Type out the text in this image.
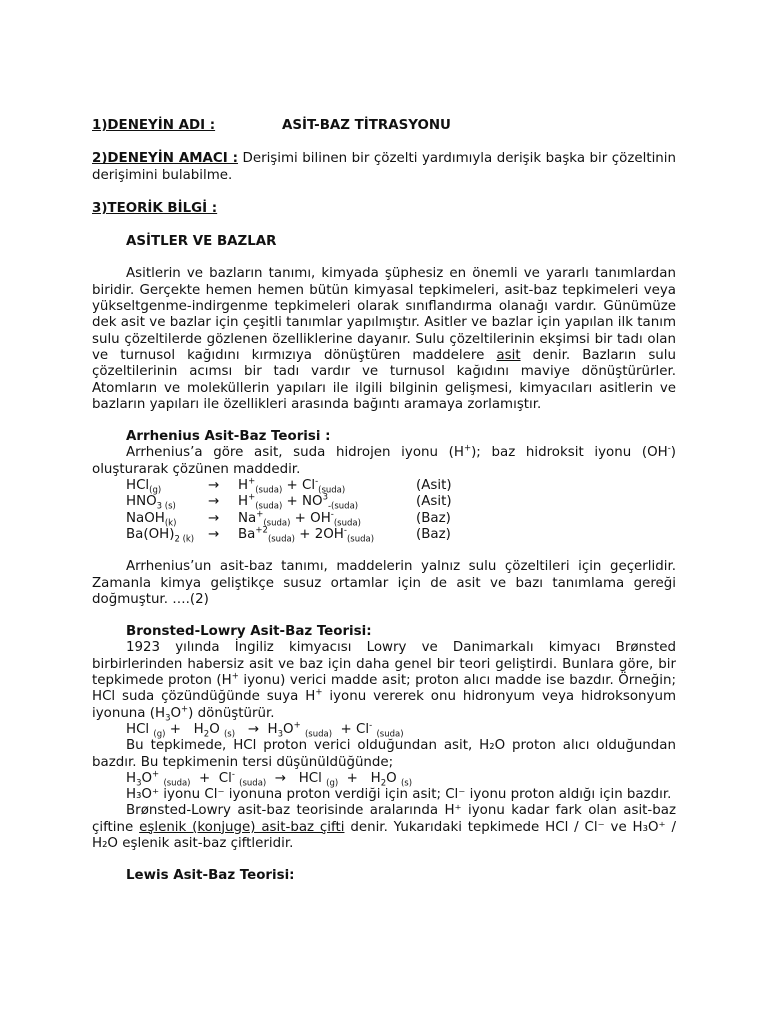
1)DENEYİN ADI :	ASİT-BAZ TİTRASYONU

2)DENEYİN AMACI : Derişimi bilinen bir çözelti yardımıyla derişik başka bir çözeltinin derişimini bulabilme.

3)TEORİK BİLGİ :

ASİTLER VE BAZLAR

Asitlerin ve bazların tanımı, kimyada şüphesiz en önemli ve yararlı tanımlardan biridir. Gerçekte hemen hemen bütün kimyasal tepkimeleri, asit-baz tepkimeleri veya yükseltgenme-indirgenme tepkimeleri olarak sınıflandırma olanağı vardır. Günümüze dek asit ve bazlar için çeşitli tanımlar yapılmıştır. Asitler ve bazlar için yapılan ilk tanım sulu çözeltilerde gözlenen özelliklerine dayanır. Sulu çözeltilerinin ekşimsi bir tadı olan ve turnusol kağıdını kırmızıya dönüştüren maddelere asit denir. Bazların sulu çözeltilerinin acımsı bir tadı vardır ve turnusol kağıdını maviye dönüştürürler. Atomların ve moleküllerin yapıları ile ilgili bilginin gelişmesi, kimyacıları asitlerin ve bazların yapıları ile özellikleri arasında bağıntı aramaya zorlamıştır.

Arrhenius Asit-Baz Teorisi :

Arrhenius’a göre asit, suda hidrojen iyonu (H+); baz hidroksit iyonu (OH-) oluşturarak çözünen maddedir.

HCl$_{(g)}$	→	$H^+_{(suda)} + Cl^-_{(suda)}$	(Asit)
$HNO_{3 (s)}$	→	$H^+_{(suda)} + NO^3_{-(suda)}$	(Asit)
NaOH$_{(k)}$	→	$Na^+_{(suda)} + OH^-_{(suda)}$	(Baz)
$Ba(OH)_{2 (k)}$	→	$Ba^{+2}_{(suda)} + 2OH^-_{(suda)}$	(Baz)

Arrhenius’un asit-baz tanımı, maddelerin yalnız sulu çözeltileri için geçerlidir. Zamanla kimya geliştikçe susuz ortamlar için de asit ve bazı tanımlama gereği doğmuştur. ….(2)

Bronsted-Lowry Asit-Baz Teorisi:

1923 yılında İngiliz kimyacısı Lowry ve Danimarkalı kimyacı Brønsted birbirlerinden habersiz asit ve baz için daha genel bir teori geliştirdi. Bunlara göre, bir tepkimede proton (H+ iyonu) verici madde asit; proton alıcı madde ise bazdır. Örneğin; HCl suda çözündüğünde suya H+ iyonu vererek onu hidronyum veya hidroksonyum iyonuna $(H_3O^+)$ dönüştürür.

HCl $_{(g)} + H_2O$ $_{(s)} \to H_3O^+$ $_{(suda)}$  + Cl- $_{(suda)}$

Bu tepkimede, HCl proton verici olduğundan asit, H₂O proton alıcı olduğundan bazdır. Bu tepkimenin tersi düşünüldüğünde;

$H_3O^+$ $_{(suda)}$  +  Cl- $_{(suda)}$  →   HCl $_{(g)} + H_2O$ $_{(s)}$

H₃O⁺ iyonu Cl⁻ iyonuna proton verdiği için asit; Cl⁻ iyonu proton aldığı için bazdır.

Brønsted-Lowry asit-baz teorisinde aralarında H⁺ iyonu kadar fark olan asit-baz çiftine eşlenik (konjuge) asit-baz çifti denir. Yukarıdaki tepkimede HCl / Cl⁻ ve H₃O⁺ / H₂O eşlenik asit-baz çiftleridir.

Lewis Asit-Baz Teorisi:
